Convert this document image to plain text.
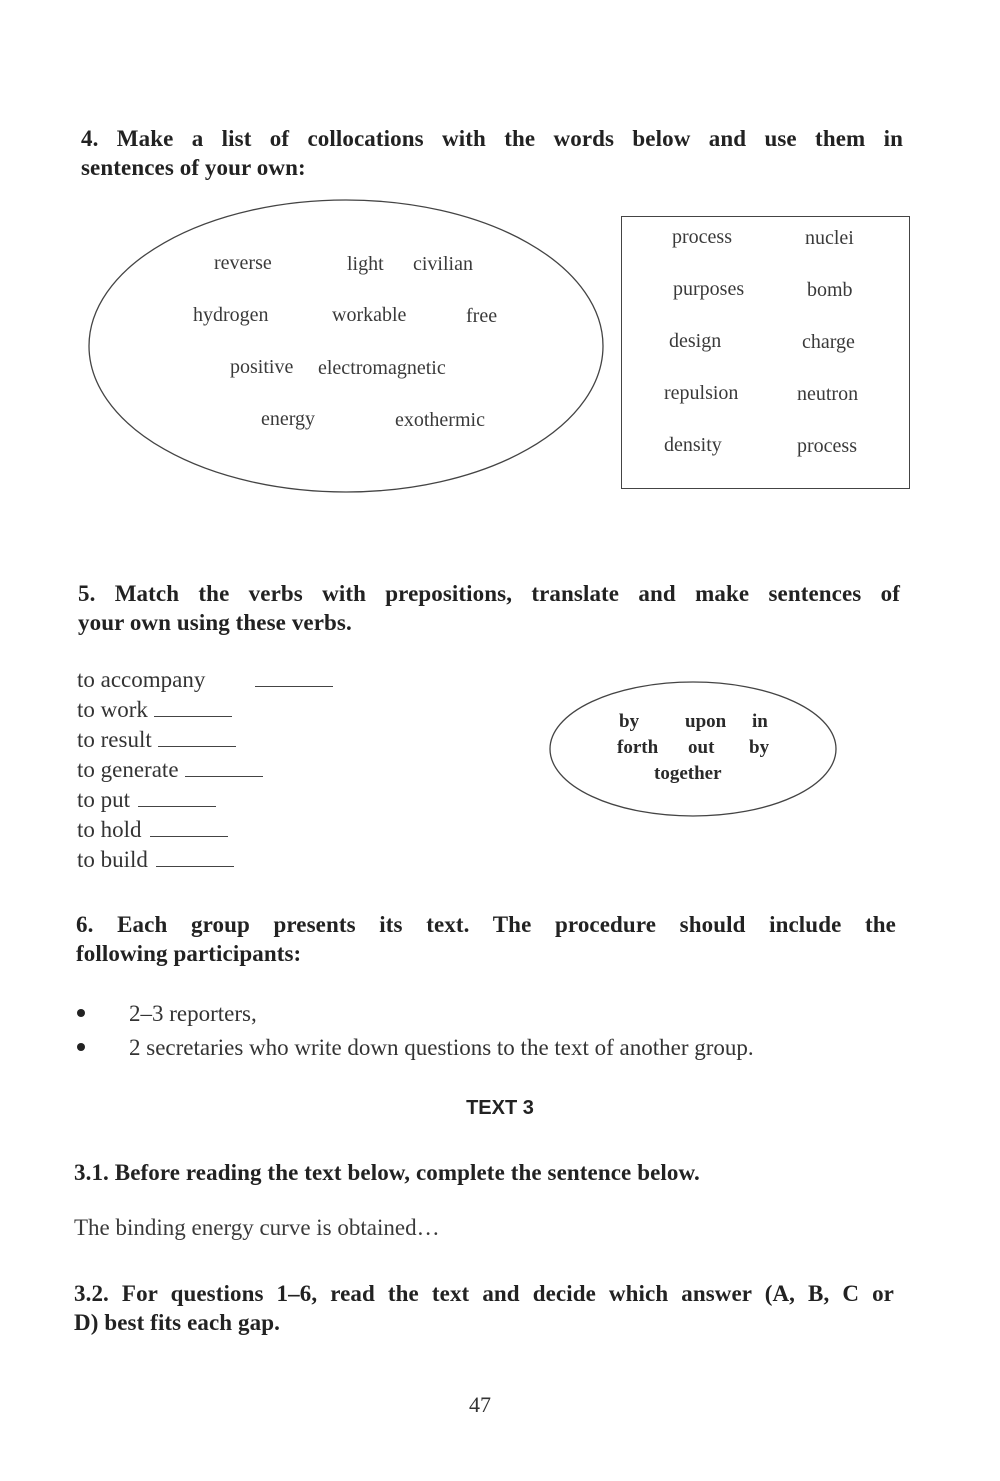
4. Make a list of collocations with the words below and use them in
sentences of your own:
reverse	light civilian
hydrogen	workable	free
positive electromagnetic
energy	exothermic
process	nuclei
purposes	bomb
design	charge
repulsion	neutron
density	process
5. Match the verbs with prepositions, translate and make sentences of
your own using these verbs.
to accompany
to work
to result
to generate
to put
to hold
to build
by upon in
forth out by
together
6. Each group presents its text. The procedure should include the
following participants:
2–3 reporters,
2 secretaries who write down questions to the text of another group.
TEXT 3
3.1. Before reading the text below, complete the sentence below.
The binding energy curve is obtained…
3.2. For questions 1–6, read the text and decide which answer (A, B, C or
D) best fits each gap.
47
